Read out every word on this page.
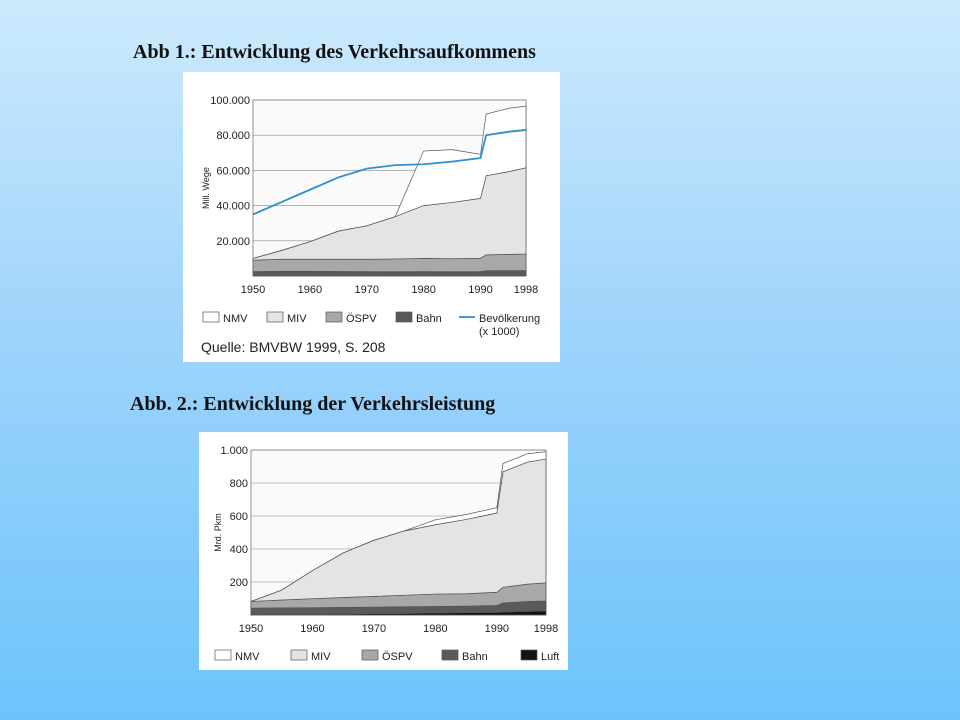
Abb 1.: Entwicklung des Verkehrsaufkommens
20.000
40.000
60.000
80.000
100.000
1950	1960	1970	1980	1990 1998
Mill. Wege
NMV	MIV	ÖSPV	Bahn	Bevölkerung
(x 1000)
Quelle: BMVBW 1999, S. 208
Abb. 2.: Entwicklung der Verkehrsleistung
200
400
600
800
1.000
1950	1960	1970	1980	1990 1998
Mrd. Pkm
NMV	MIV	ÖSPV	Bahn	Luft
